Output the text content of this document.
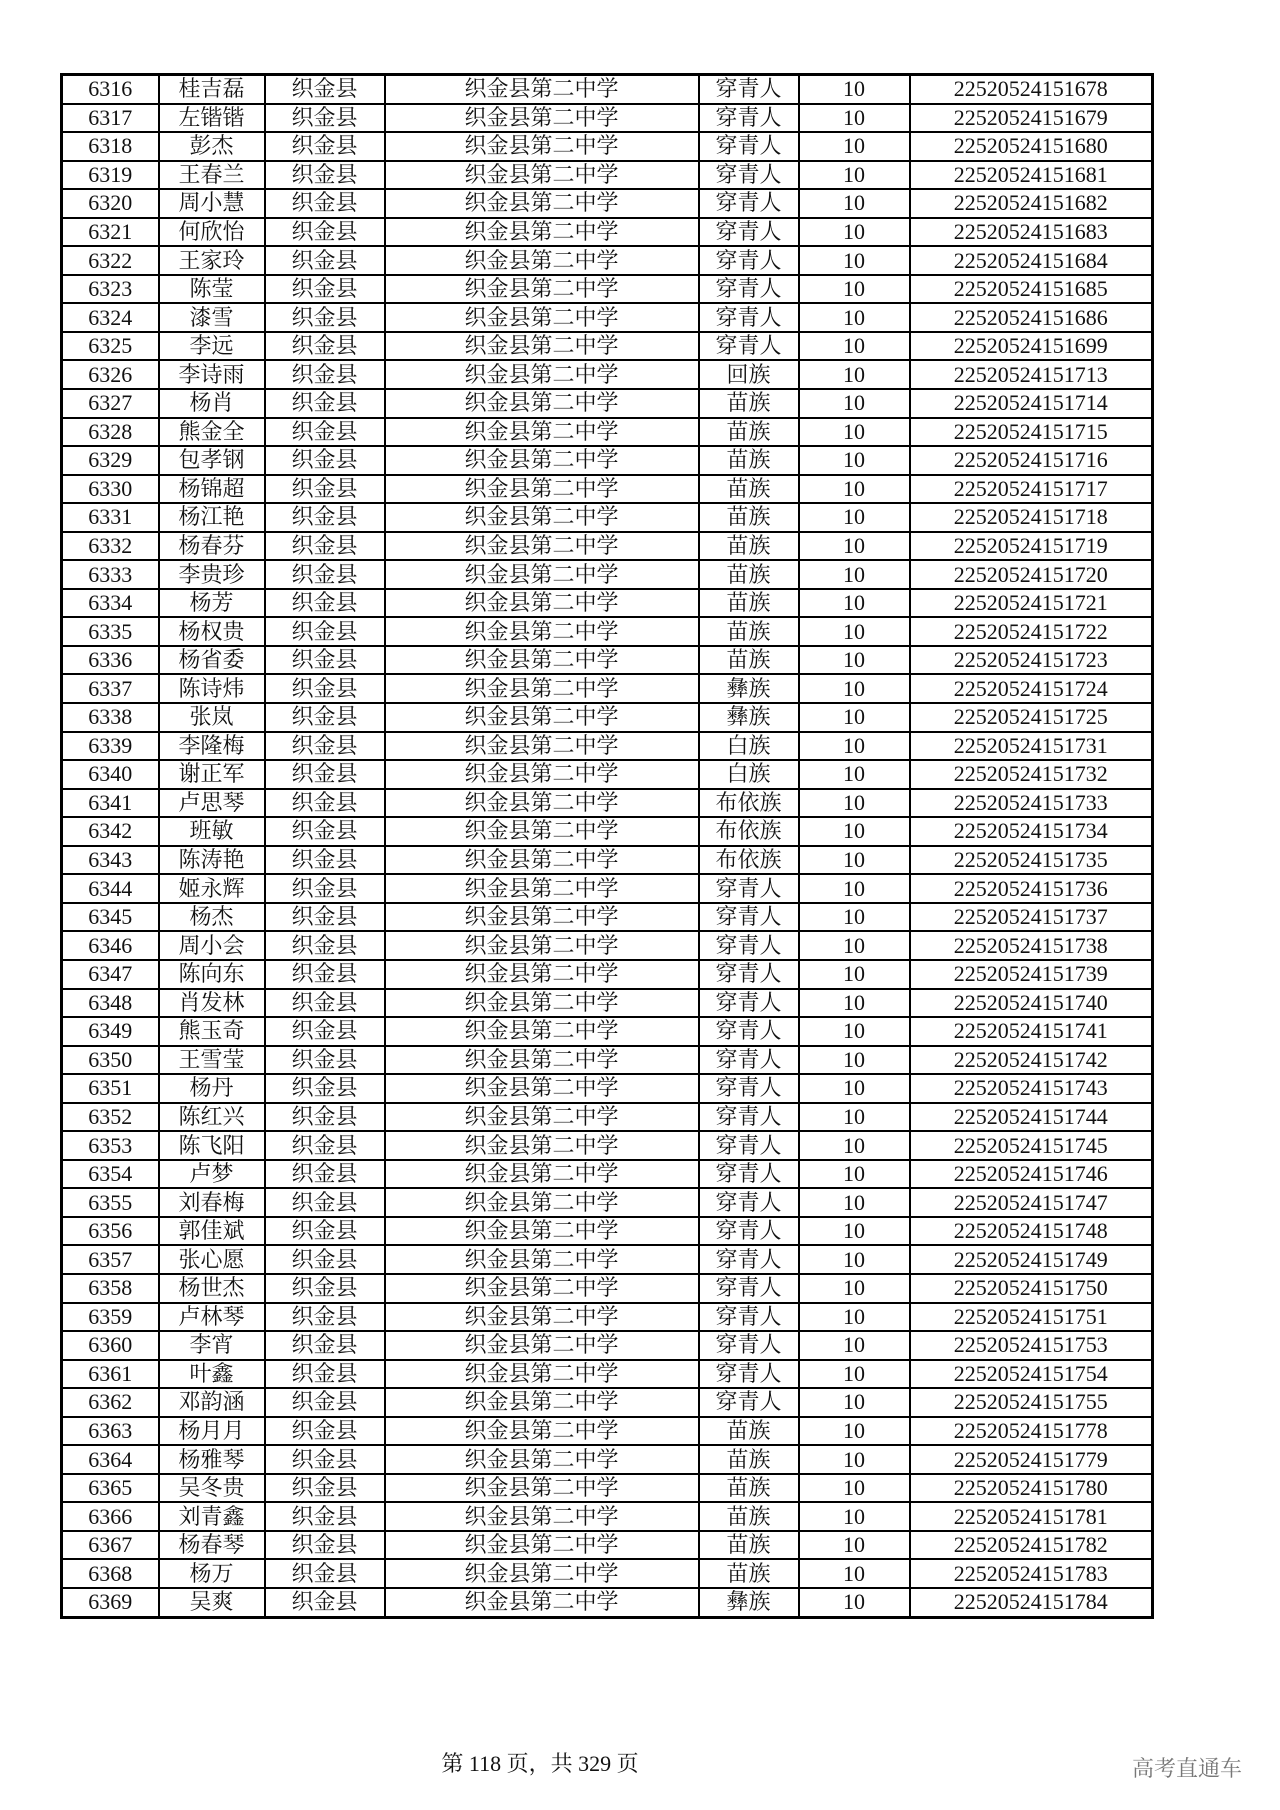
6316	桂吉磊	织金县	织金县第二中学	穿青人	10	22520524151678
6317	左锴锴	织金县	织金县第二中学	穿青人	10	22520524151679
6318	彭杰	织金县	织金县第二中学	穿青人	10	22520524151680
6319	王春兰	织金县	织金县第二中学	穿青人	10	22520524151681
6320	周小慧	织金县	织金县第二中学	穿青人	10	22520524151682
6321	何欣怡	织金县	织金县第二中学	穿青人	10	22520524151683
6322	王家玲	织金县	织金县第二中学	穿青人	10	22520524151684
6323	陈莹	织金县	织金县第二中学	穿青人	10	22520524151685
6324	漆雪	织金县	织金县第二中学	穿青人	10	22520524151686
6325	李远	织金县	织金县第二中学	穿青人	10	22520524151699
6326	李诗雨	织金县	织金县第二中学	回族	10	22520524151713
6327	杨肖	织金县	织金县第二中学	苗族	10	22520524151714
6328	熊金全	织金县	织金县第二中学	苗族	10	22520524151715
6329	包孝钢	织金县	织金县第二中学	苗族	10	22520524151716
6330	杨锦超	织金县	织金县第二中学	苗族	10	22520524151717
6331	杨江艳	织金县	织金县第二中学	苗族	10	22520524151718
6332	杨春芬	织金县	织金县第二中学	苗族	10	22520524151719
6333	李贵珍	织金县	织金县第二中学	苗族	10	22520524151720
6334	杨芳	织金县	织金县第二中学	苗族	10	22520524151721
6335	杨权贵	织金县	织金县第二中学	苗族	10	22520524151722
6336	杨省委	织金县	织金县第二中学	苗族	10	22520524151723
6337	陈诗炜	织金县	织金县第二中学	彝族	10	22520524151724
6338	张岚	织金县	织金县第二中学	彝族	10	22520524151725
6339	李隆梅	织金县	织金县第二中学	白族	10	22520524151731
6340	谢正军	织金县	织金县第二中学	白族	10	22520524151732
6341	卢思琴	织金县	织金县第二中学	布依族	10	22520524151733
6342	班敏	织金县	织金县第二中学	布依族	10	22520524151734
6343	陈涛艳	织金县	织金县第二中学	布依族	10	22520524151735
6344	姬永辉	织金县	织金县第二中学	穿青人	10	22520524151736
6345	杨杰	织金县	织金县第二中学	穿青人	10	22520524151737
6346	周小会	织金县	织金县第二中学	穿青人	10	22520524151738
6347	陈向东	织金县	织金县第二中学	穿青人	10	22520524151739
6348	肖发林	织金县	织金县第二中学	穿青人	10	22520524151740
6349	熊玉奇	织金县	织金县第二中学	穿青人	10	22520524151741
6350	王雪莹	织金县	织金县第二中学	穿青人	10	22520524151742
6351	杨丹	织金县	织金县第二中学	穿青人	10	22520524151743
6352	陈红兴	织金县	织金县第二中学	穿青人	10	22520524151744
6353	陈飞阳	织金县	织金县第二中学	穿青人	10	22520524151745
6354	卢梦	织金县	织金县第二中学	穿青人	10	22520524151746
6355	刘春梅	织金县	织金县第二中学	穿青人	10	22520524151747
6356	郭佳斌	织金县	织金县第二中学	穿青人	10	22520524151748
6357	张心愿	织金县	织金县第二中学	穿青人	10	22520524151749
6358	杨世杰	织金县	织金县第二中学	穿青人	10	22520524151750
6359	卢林琴	织金县	织金县第二中学	穿青人	10	22520524151751
6360	李宵	织金县	织金县第二中学	穿青人	10	22520524151753
6361	叶鑫	织金县	织金县第二中学	穿青人	10	22520524151754
6362	邓韵涵	织金县	织金县第二中学	穿青人	10	22520524151755
6363	杨月月	织金县	织金县第二中学	苗族	10	22520524151778
6364	杨雅琴	织金县	织金县第二中学	苗族	10	22520524151779
6365	吴冬贵	织金县	织金县第二中学	苗族	10	22520524151780
6366	刘青鑫	织金县	织金县第二中学	苗族	10	22520524151781
6367	杨春琴	织金县	织金县第二中学	苗族	10	22520524151782
6368	杨万	织金县	织金县第二中学	苗族	10	22520524151783
6369	吴爽	织金县	织金县第二中学	彝族	10	22520524151784
第 118 页，共 329 页	高考直通车
